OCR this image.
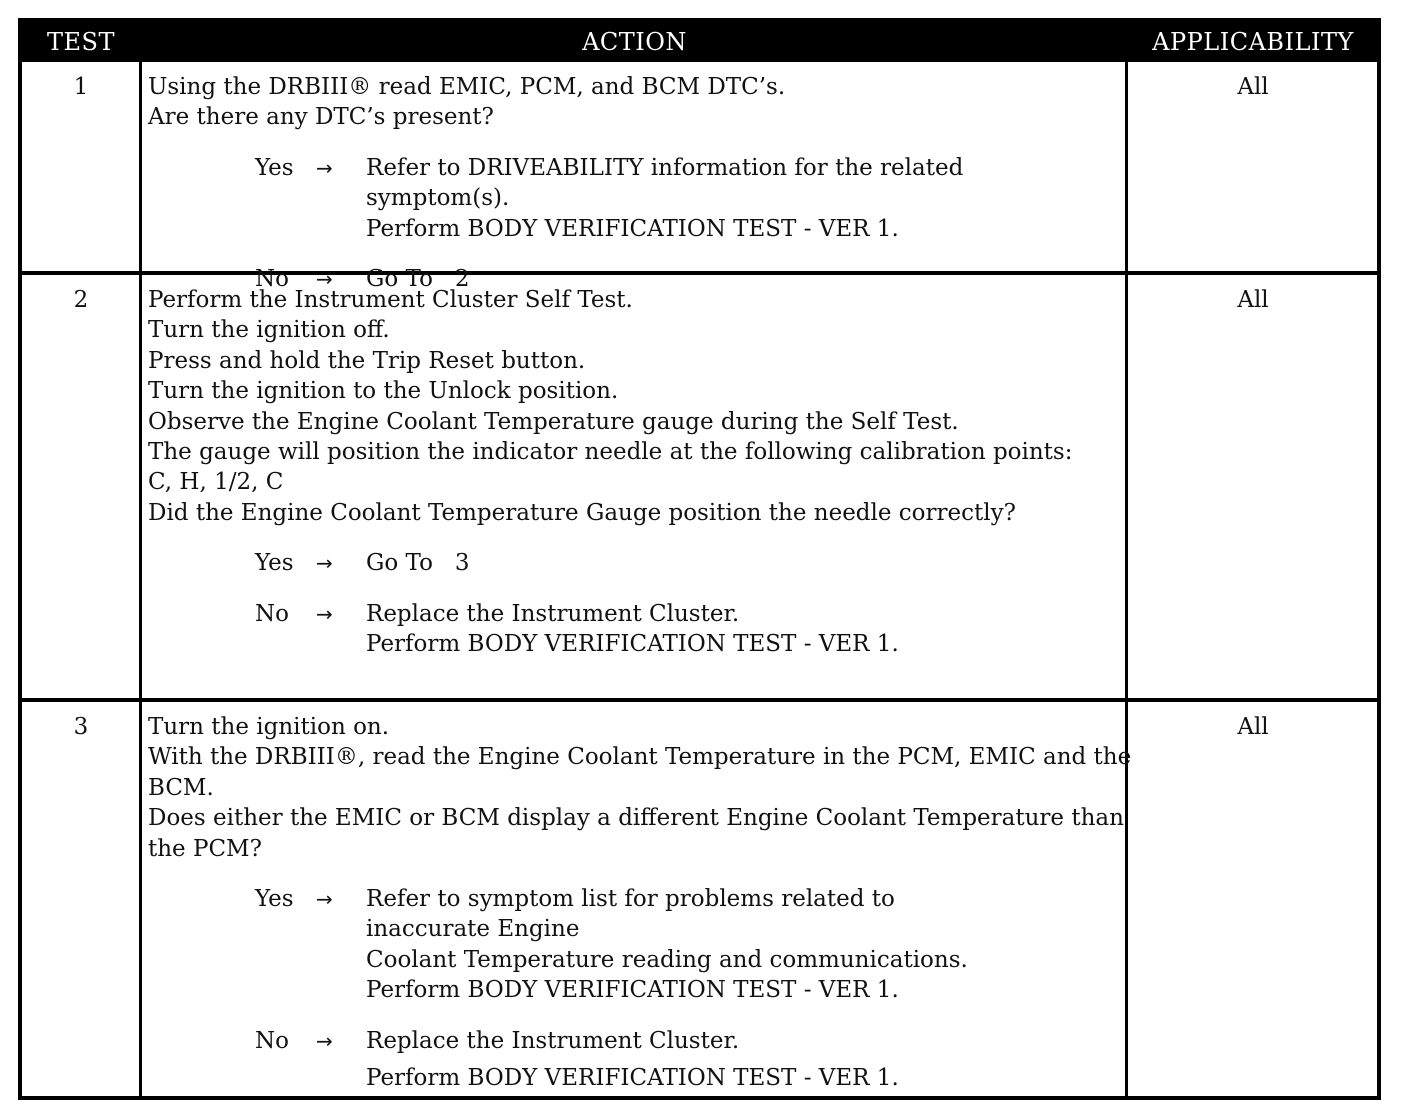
TEST	ACTION	APPLICABILITY
1	Using the DRBIII® read EMIC, PCM, and BCM DTC’s.
Are there any DTC’s present?
Yes	→	Refer to DRIVEABILITY information for the related symptom(s).
Perform BODY VERIFICATION TEST - VER 1.
No	→	Go To   2
All
2	Perform the Instrument Cluster Self Test.
Turn the ignition off.
Press and hold the Trip Reset button.
Turn the ignition to the Unlock position.
Observe the Engine Coolant Temperature gauge during the Self Test.
The gauge will position the indicator needle at the following calibration points:
C, H, 1/2, C
Did the Engine Coolant Temperature Gauge position the needle correctly?
Yes	→	Go To   3
No	→	Replace the Instrument Cluster.
Perform BODY VERIFICATION TEST - VER 1.
All
3	Turn the ignition on.
With the DRBIII®, read the Engine Coolant Temperature in the PCM, EMIC and the
BCM.
Does either the EMIC or BCM display a different Engine Coolant Temperature than
the PCM?
Yes	→	Refer to symptom list for problems related to inaccurate Engine
Coolant Temperature reading and communications.
Perform BODY VERIFICATION TEST - VER 1.
No	→	Replace the Instrument Cluster.
Perform BODY VERIFICATION TEST - VER 1.
All
